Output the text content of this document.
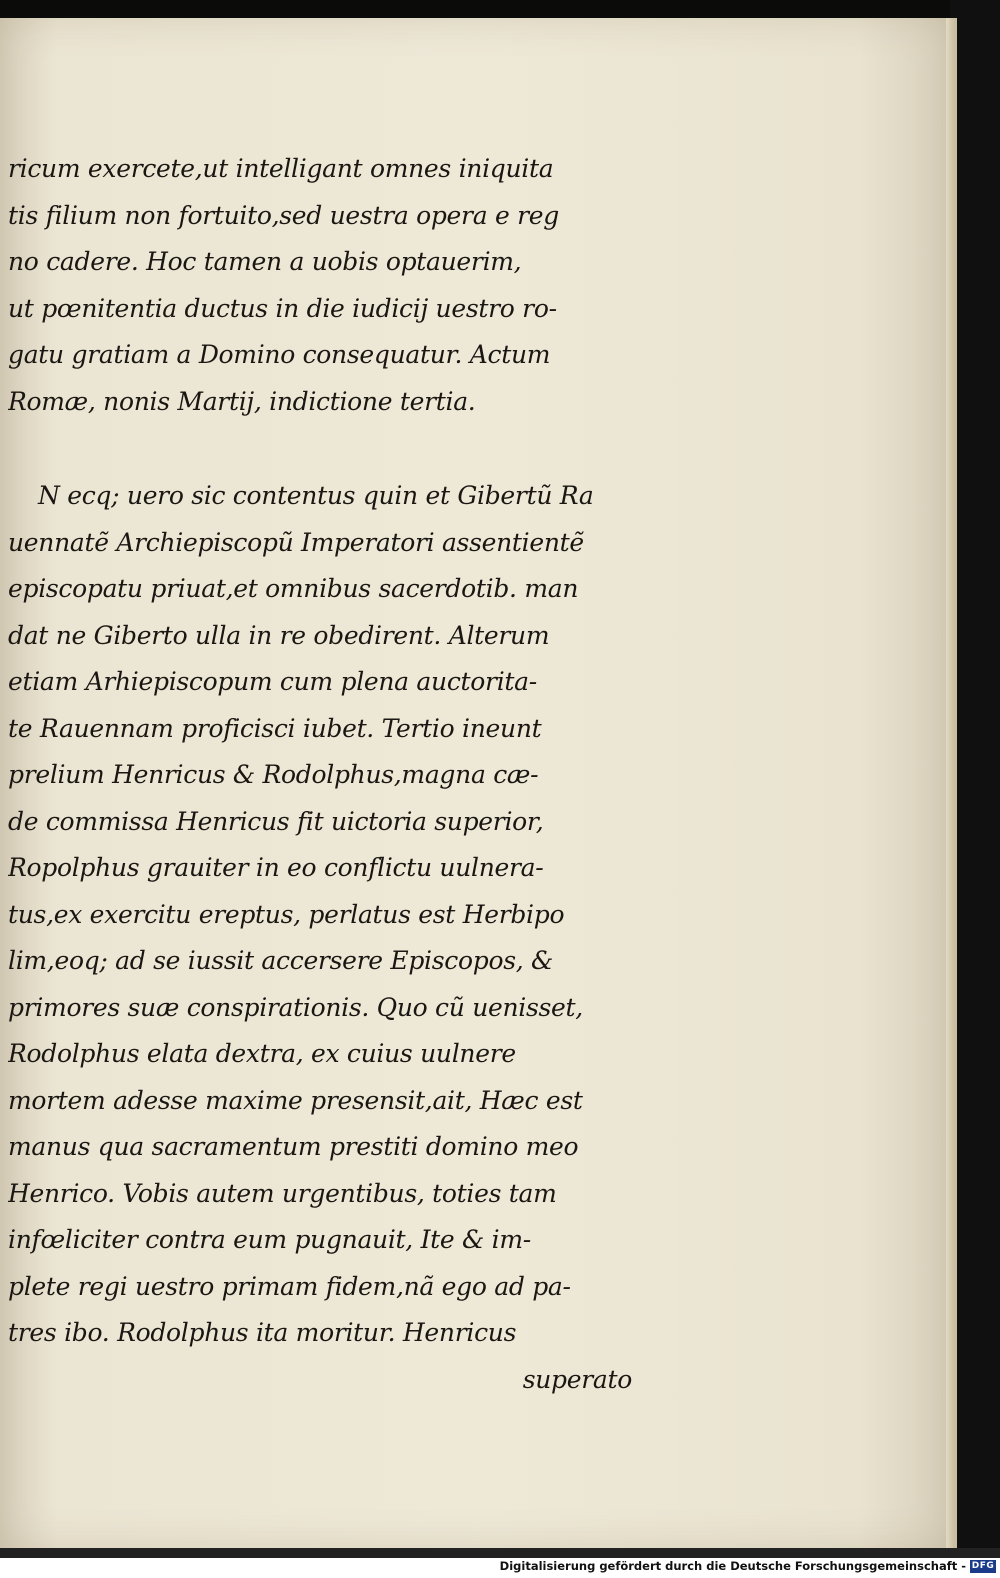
ricum exercete,ut intelligant omnes iniquita
tis filium non fortuito,sed uestra opera e reg
no cadere. Hoc tamen a uobis optauerim,
ut pœnitentia ductus in die iudicij uestro ro-
gatu gratiam a Domino consequatur. Actum
Romæ, nonis Martij, indictione tertia.
N ecq; uero sic contentus quin et Gibertũ Ra
uennatẽ Archiepiscopũ Imperatori assentientẽ
episcopatu priuat,et omnibus sacerdotib. man
dat ne Giberto ulla in re obedirent. Alterum
etiam Arhiepiscopum cum plena auctorita-
te Rauennam proficisci iubet. Tertio ineunt
prelium Henricus & Rodolphus,magna cæ-
de commissa Henricus fit uictoria superior,
Ropolphus grauiter in eo conflictu uulnera-
tus,ex exercitu ereptus, perlatus est Herbipo
lim,eoq; ad se iussit accersere Episcopos, &
primores suæ conspirationis. Quo cũ uenisset,
Rodolphus elata dextra, ex cuius uulnere
mortem adesse maxime presensit,ait, Hæc est
manus qua sacramentum prestiti domino meo
Henrico. Vobis autem urgentibus, toties tam
infœliciter contra eum pugnauit, Ite & im-
plete regi uestro primam fidem,nã ego ad pa-
tres ibo. Rodolphus ita moritur. Henricus
superato
Digitalisierung gefördert durch die Deutsche Forschungsgemeinschaft - DFG
